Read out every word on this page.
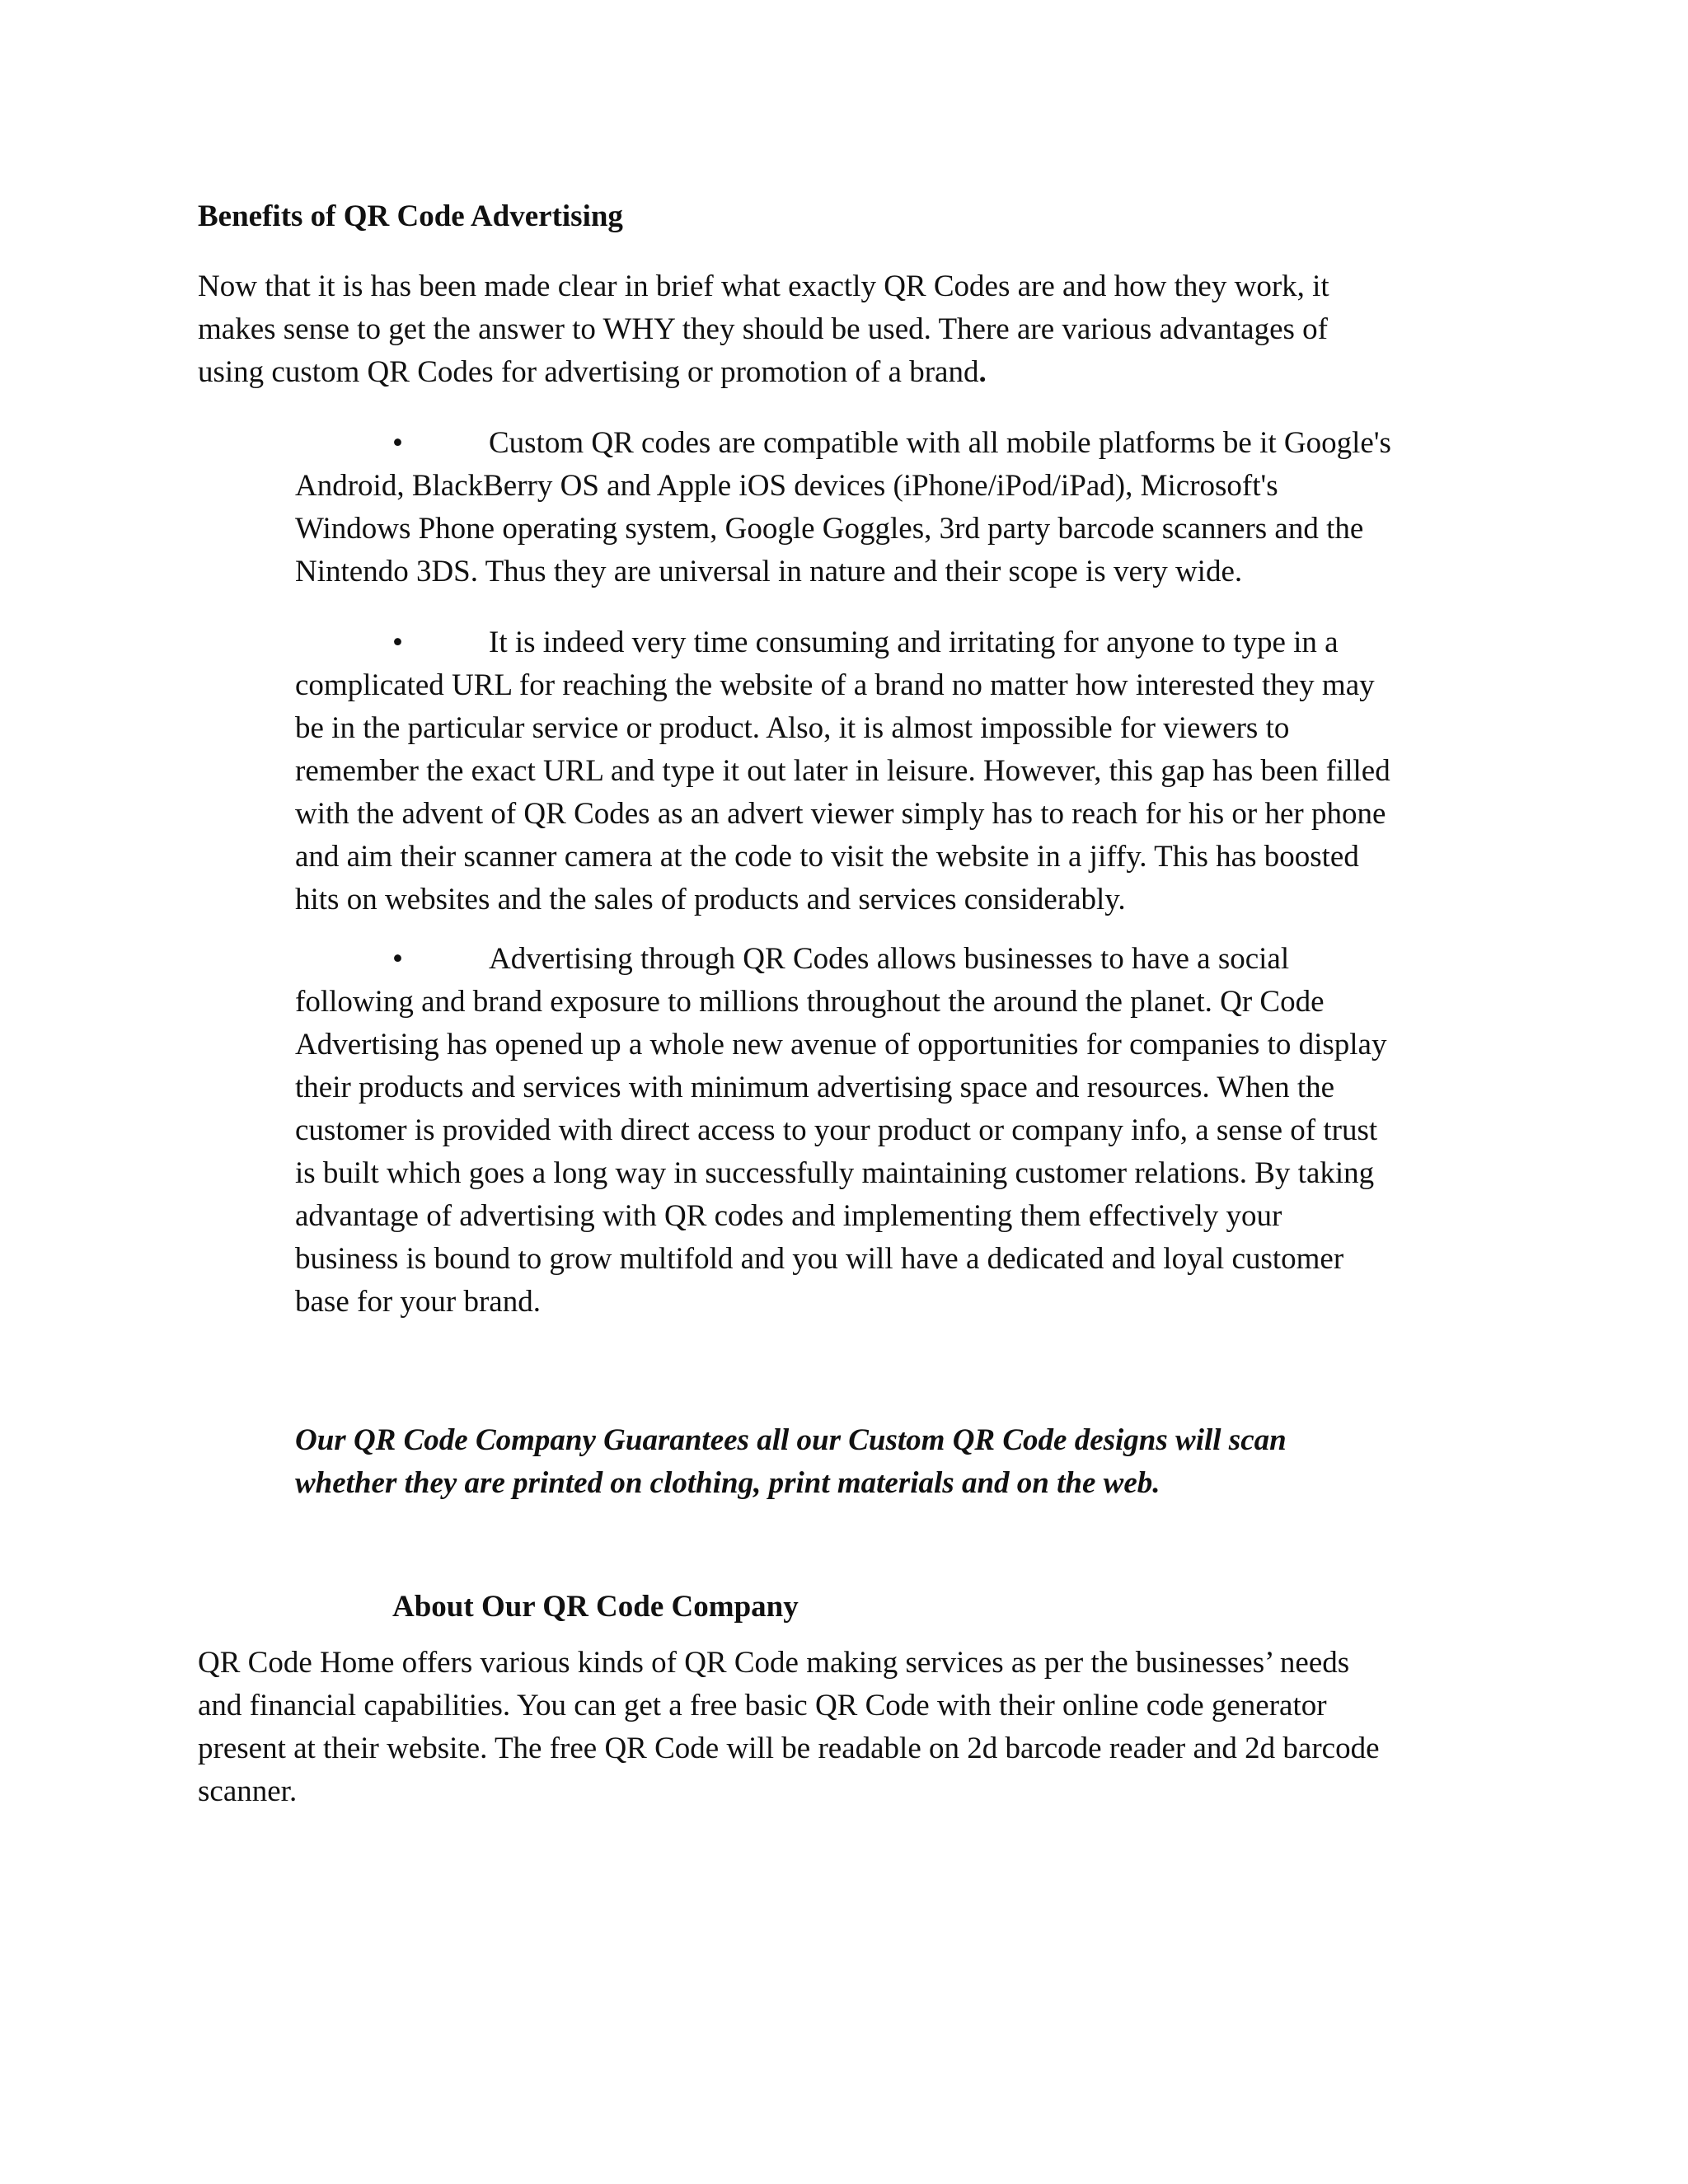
Benefits of QR Code Advertising
Now that it is has been made clear in brief what exactly QR Codes are and how they work, it
makes sense to get the answer to WHY they should be used. There are various advantages of
using custom QR Codes for advertising or promotion of a brand.
•	Custom QR codes are compatible with all mobile platforms be it Google's
Android, BlackBerry OS and Apple iOS devices (iPhone/iPod/iPad), Microsoft's
Windows Phone operating system, Google Goggles, 3rd party barcode scanners and the
Nintendo 3DS. Thus they are universal in nature and their scope is very wide.
•	It is indeed very time consuming and irritating for anyone to type in a
complicated URL for reaching the website of a brand no matter how interested they may
be in the particular service or product. Also, it is almost impossible for viewers to
remember the exact URL and type it out later in leisure. However, this gap has been filled
with the advent of QR Codes as an advert viewer simply has to reach for his or her phone
and aim their scanner camera at the code to visit the website in a jiffy. This has boosted
hits on websites and the sales of products and services considerably.
•	Advertising through QR Codes allows businesses to have a social
following and brand exposure to millions throughout the around the planet. Qr Code
Advertising has opened up a whole new avenue of opportunities for companies to display
their products and services with minimum advertising space and resources. When the
customer is provided with direct access to your product or company info, a sense of trust
is built which goes a long way in successfully maintaining customer relations. By taking
advantage of advertising with QR codes and implementing them effectively your
business is bound to grow multifold and you will have a dedicated and loyal customer
base for your brand.
Our QR Code Company Guarantees all our Custom QR Code designs will scan
whether they are printed on clothing, print materials and on the web.
About Our QR Code Company
QR Code Home offers various kinds of QR Code making services as per the businesses’ needs
and financial capabilities. You can get a free basic QR Code with their online code generator
present at their website. The free QR Code will be readable on 2d barcode reader and 2d barcode
scanner.
